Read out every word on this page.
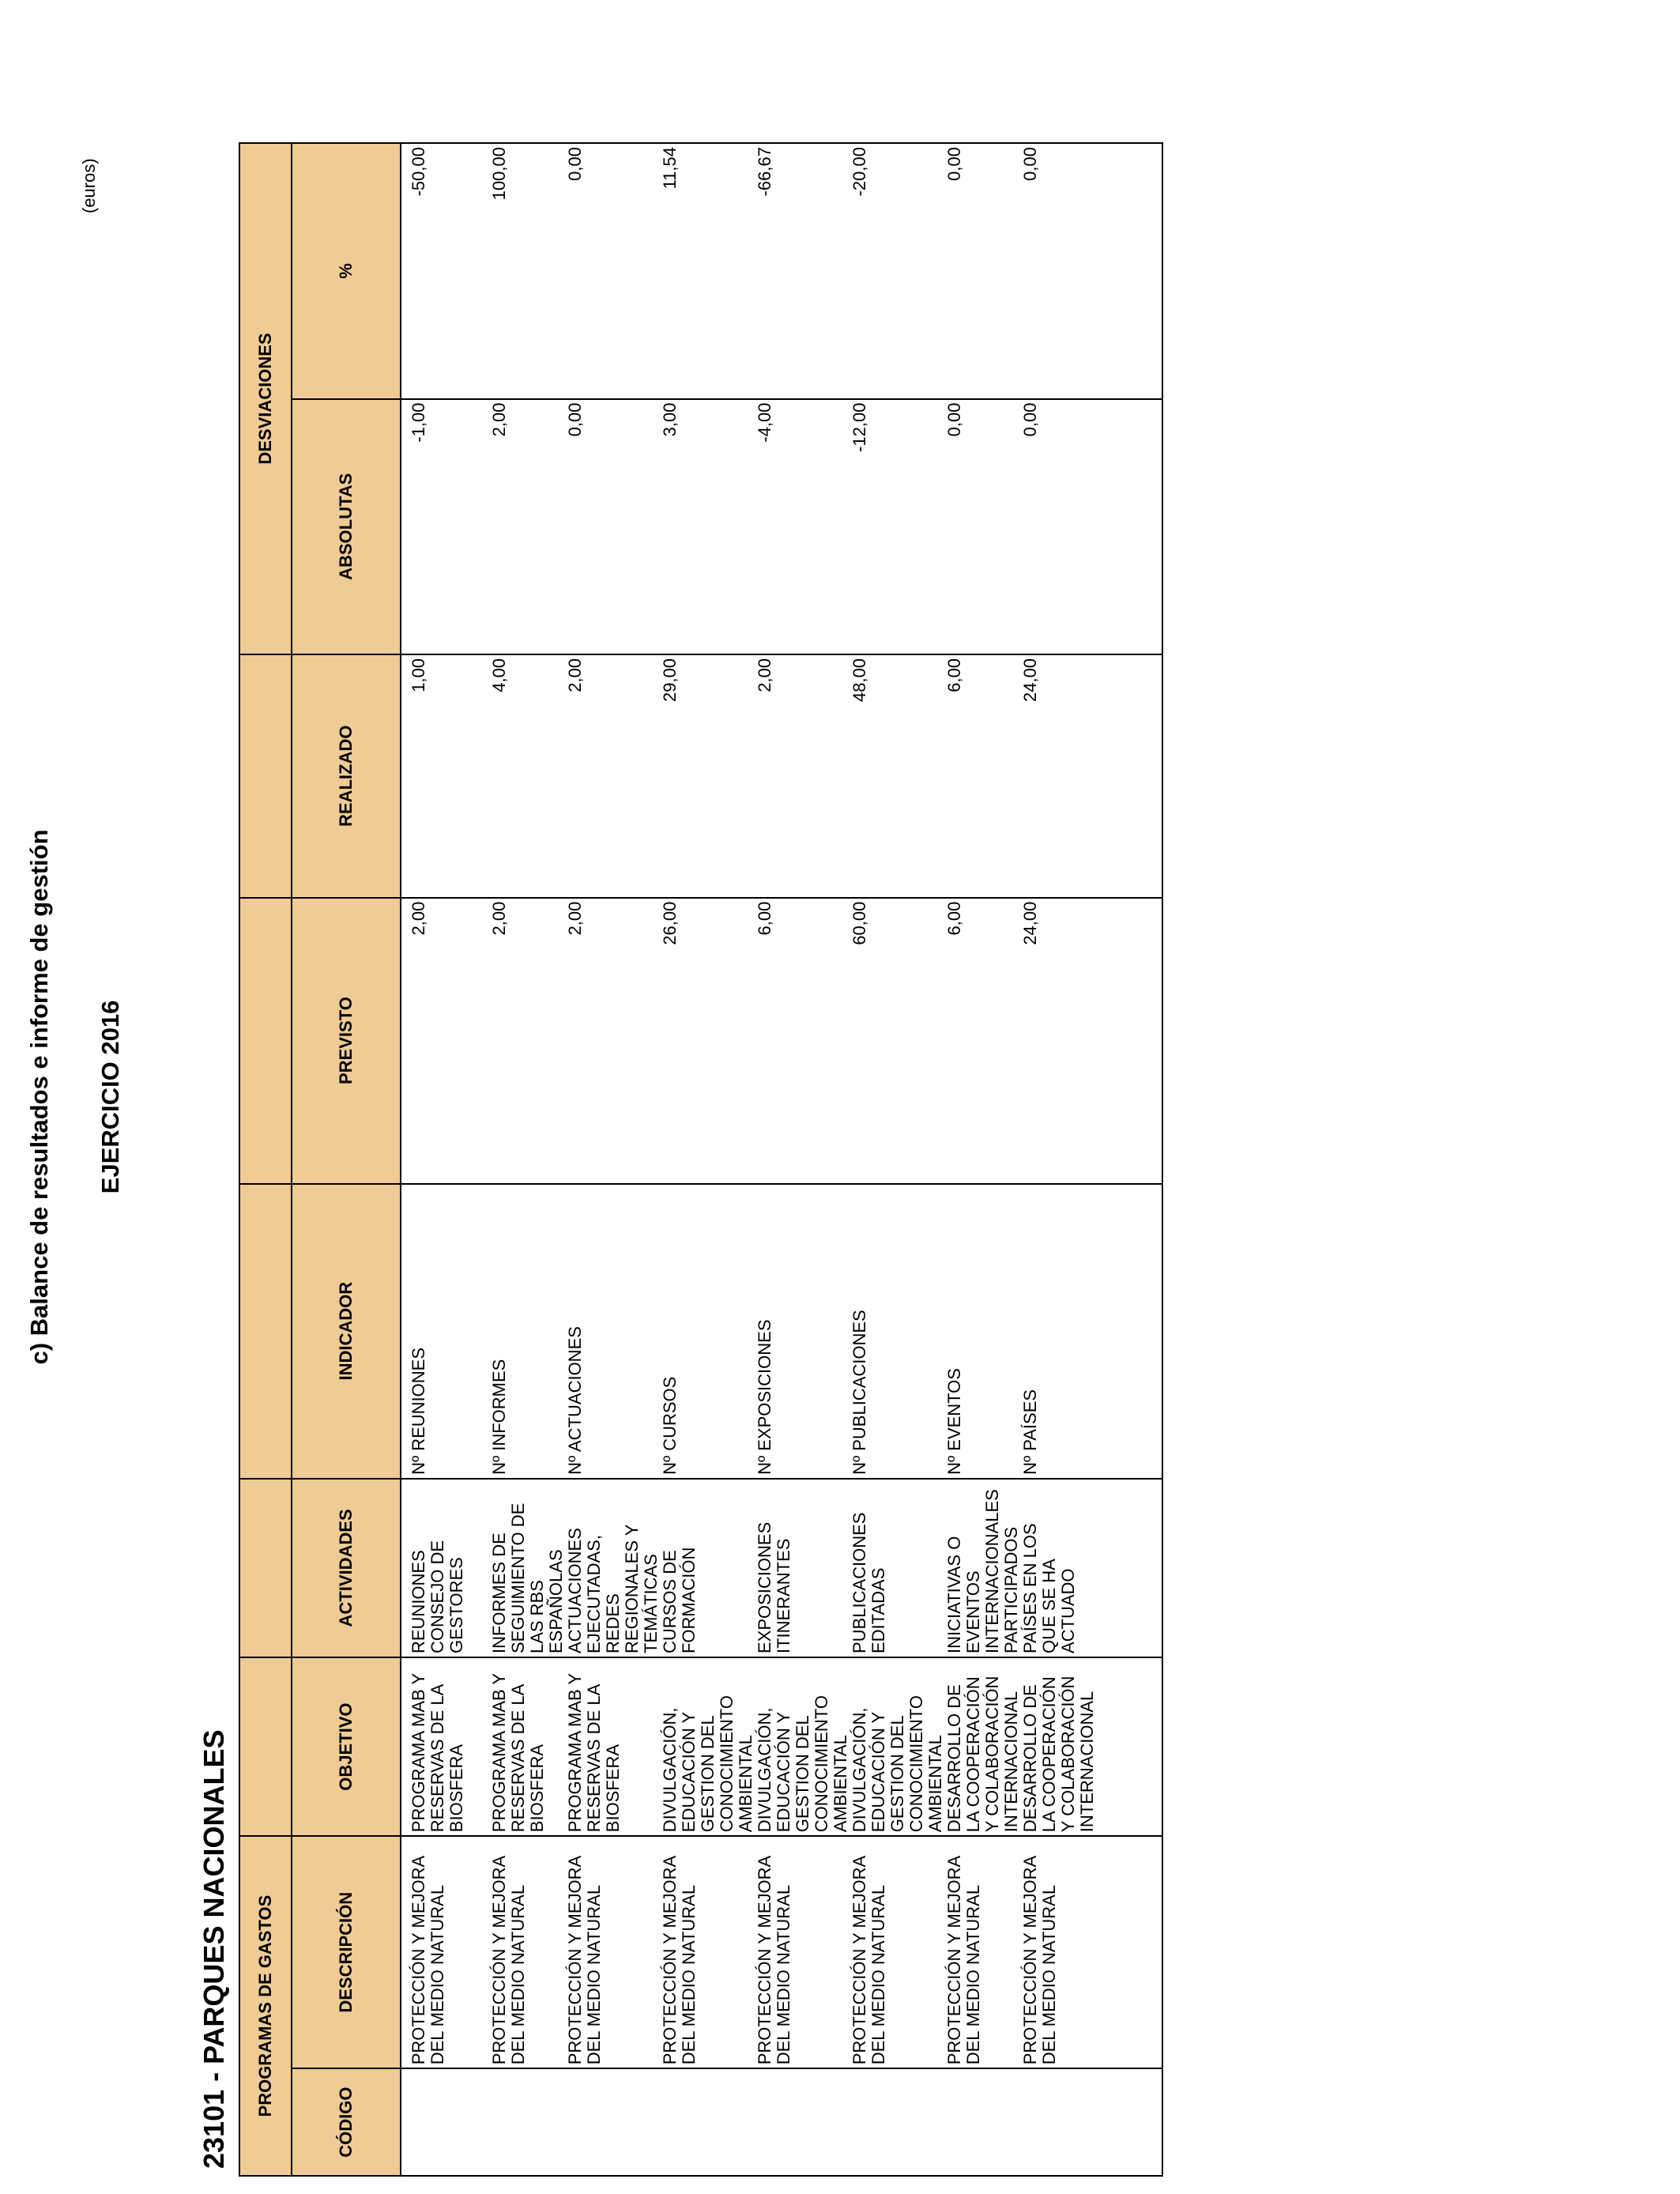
c) Balance de resultados e informe de gestión EJERCICIO 2016
23101 - PARQUES NACIONALES
(euros)
PROGRAMAS DE GASTOS							DESVIACIONES	
CÓDIGO	DESCRIPCIÓN	OBJETIVO	ACTIVIDADES	INDICADOR	PREVISTO	REALIZADO	ABSOLUTAS	%
	PROTECCIÓN Y MEJORA DEL MEDIO NATURAL	PROGRAMA MAB Y RESERVAS DE LA BIOSFERA	REUNIONES CONSEJO DE GESTORES	Nº REUNIONES	2,00	1,00	-1,00	-50,00
	PROTECCIÓN Y MEJORA DEL MEDIO NATURAL	PROGRAMA MAB Y RESERVAS DE LA BIOSFERA	INFORMES DE SEGUIMIENTO DE LAS RBS ESPAÑOLAS	Nº INFORMES	2,00	4,00	2,00	100,00
	PROTECCIÓN Y MEJORA DEL MEDIO NATURAL	PROGRAMA MAB Y RESERVAS DE LA BIOSFERA	ACTUACIONES EJECUTADAS, REDES REGIONALES Y TEMÁTICAS	Nº ACTUACIONES	2,00	2,00	0,00	0,00
	PROTECCIÓN Y MEJORA DEL MEDIO NATURAL	DIVULGACIÓN, EDUCACIÓN Y GESTION DEL CONOCIMIENTO AMBIENTAL	CURSOS DE FORMACIÓN	Nº CURSOS	26,00	29,00	3,00	11,54
	PROTECCIÓN Y MEJORA DEL MEDIO NATURAL	DIVULGACIÓN, EDUCACIÓN Y GESTION DEL CONOCIMIENTO AMBIENTAL	EXPOSICIONES ITINERANTES	Nº EXPOSICIONES	6,00	2,00	-4,00	-66,67
	PROTECCIÓN Y MEJORA DEL MEDIO NATURAL	DIVULGACIÓN, EDUCACIÓN Y GESTION DEL CONOCIMIENTO AMBIENTAL	PUBLICACIONES EDITADAS	Nº PUBLICACIONES	60,00	48,00	-12,00	-20,00
	PROTECCIÓN Y MEJORA DEL MEDIO NATURAL	DESARROLLO DE LA COOPERACIÓN Y COLABORACIÓN INTERNACIONAL	INICIATIVAS O EVENTOS INTERNACIONALES PARTICIPADOS	Nº EVENTOS	6,00	6,00	0,00	0,00
	PROTECCIÓN Y MEJORA DEL MEDIO NATURAL	DESARROLLO DE LA COOPERACIÓN Y COLABORACIÓN INTERNACIONAL	PAÍSES EN LOS QUE SE HA ACTUADO	Nº PAÍSES	24,00	24,00	0,00	0,00
